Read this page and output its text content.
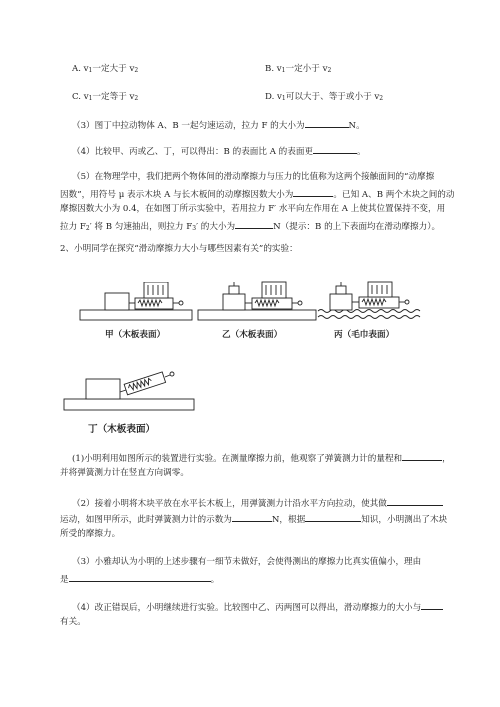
A. v1一定大于 v2	B. v1一定小于 v2
C. v1一定等于 v2	D. v1可以大于、等于或小于 v2
（3）图丁中拉动物体 A、B 一起匀速运动，拉力 F 的大小为	N。
（4）比较甲、丙或乙、丁，可以得出：B 的表面比 A 的表面更	。
（5）在物理学中，我们把两个物体间的滑动摩擦力与压力的比值称为这两个接触面间的“动摩擦
因数”，用符号 μ 表示木块 A 与长木板间的动摩擦因数大小为	。已知 A、B 两个木块之间的动
摩擦因数大小为 0.4，在如图丁所示实验中，若用拉力 F′ 水平向左作用在 A 上使其位置保持不变，用
拉力 F2′ 将 B 匀速抽出，则拉力 F3′ 的大小为	N（提示：B 的上下表面均在滑动摩擦力）。
2、小明同学在探究“滑动摩擦力大小与哪些因素有关”的实验：
甲（木板表面）	乙（木板表面）	丙（毛巾表面）
丁（木板表面）
(1)小明利用如图所示的装置进行实验。在测量摩擦力前，他观察了弹簧测力计的量程和	，
并将弹簧测力计在竖直方向调零。
（2）接着小明将木块平放在水平长木板上，用弹簧测力计沿水平方向拉动，使其做
运动，如图甲所示，此时弹簧测力计的示数为	N，根据	知识，小明测出了木块
所受的摩擦力。
（3）小雅却认为小明的上述步骤有一细节未做好，会使得测出的摩擦力比真实值偏小，理由
是	。
（4）改正错误后，小明继续进行实验。比较图中乙、丙两图可以得出，滑动摩擦力的大小与
有关。
